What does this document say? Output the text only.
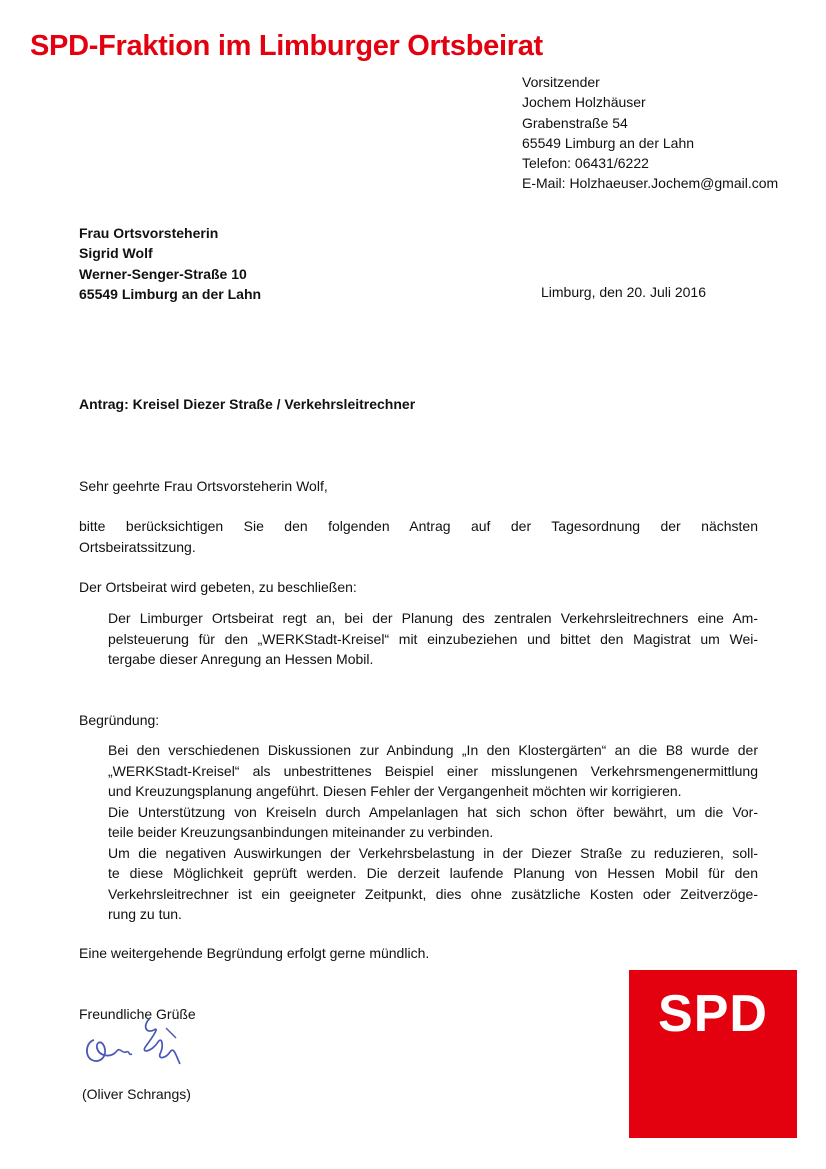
SPD-Fraktion im Limburger Ortsbeirat
Vorsitzender
Jochem Holzhäuser
Grabenstraße 54
65549 Limburg an der Lahn
Telefon: 06431/6222
E-Mail: Holzhaeuser.Jochem@gmail.com
Frau Ortsvorsteherin
Sigrid Wolf
Werner-Senger-Straße 10
65549 Limburg an der Lahn	Limburg, den 20. Juli 2016
Antrag: Kreisel Diezer Straße / Verkehrsleitrechner
Sehr geehrte Frau Ortsvorsteherin Wolf,
bitte berücksichtigen Sie den folgenden Antrag auf der Tagesordnung der nächsten
Ortsbeiratssitzung.
Der Ortsbeirat wird gebeten, zu beschließen:
Der Limburger Ortsbeirat regt an, bei der Planung des zentralen Verkehrsleitrechners eine Am-
pelsteuerung für den „WERKStadt-Kreisel“ mit einzubeziehen und bittet den Magistrat um Wei-
tergabe dieser Anregung an Hessen Mobil.
Begründung:
Bei den verschiedenen Diskussionen zur Anbindung „In den Klostergärten“ an die B8 wurde der
„WERKStadt-Kreisel“ als unbestrittenes Beispiel einer misslungenen Verkehrsmengenermittlung
und Kreuzungsplanung angeführt. Diesen Fehler der Vergangenheit möchten wir korrigieren.
Die Unterstützung von Kreiseln durch Ampelanlagen hat sich schon öfter bewährt, um die Vor-
teile beider Kreuzungsanbindungen miteinander zu verbinden.
Um die negativen Auswirkungen der Verkehrsbelastung in der Diezer Straße zu reduzieren, soll-
te diese Möglichkeit geprüft werden. Die derzeit laufende Planung von Hessen Mobil für den
Verkehrsleitrechner ist ein geeigneter Zeitpunkt, dies ohne zusätzliche Kosten oder Zeitverzöge-
rung zu tun.
Eine weitergehende Begründung erfolgt gerne mündlich.
Freundliche Grüße
(Oliver Schrangs)
SPD
